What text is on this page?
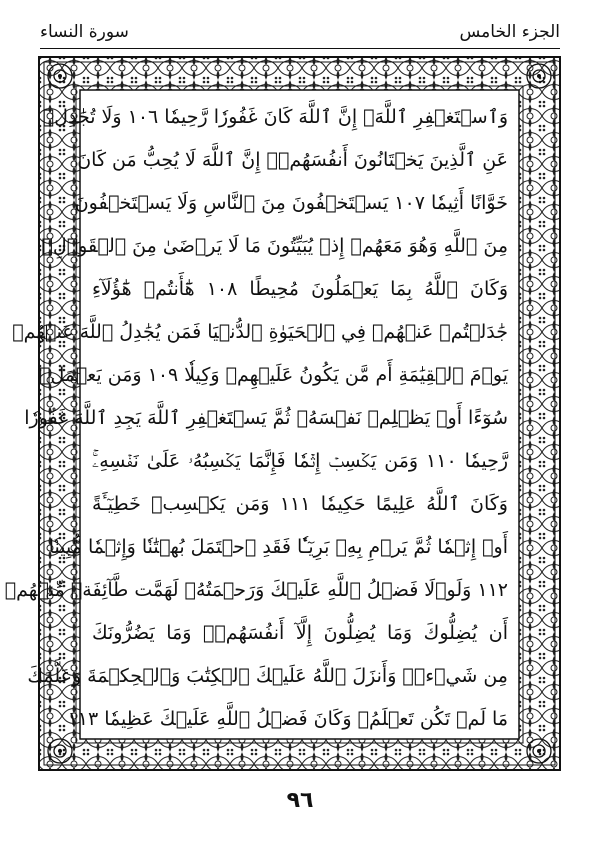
سورة النساء	الجزء الخامس
وَٱسۡتَغۡفِرِ ٱللَّهَۖ إِنَّ ٱللَّهَ كَانَ غَفُورٗا رَّحِيمٗا ١٠٦ وَلَا تُجَٰدِلۡ
عَنِ ٱلَّذِينَ يَخۡتَانُونَ أَنفُسَهُمۡۚ إِنَّ ٱللَّهَ لَا يُحِبُّ مَن كَانَ
خَوَّانًا أَثِيمٗا ١٠٧ يَسۡتَخۡفُونَ مِنَ ٱلنَّاسِ وَلَا يَسۡتَخۡفُونَ
مِنَ ٱللَّهِ وَهُوَ مَعَهُمۡ إِذۡ يُبَيِّتُونَ مَا لَا يَرۡضَىٰ مِنَ ٱلۡقَوۡلِۚ
وَكَانَ ٱللَّهُ بِمَا يَعۡمَلُونَ مُحِيطًا ١٠٨ هَٰٓأَنتُمۡ هَٰٓؤُلَآءِ
جَٰدَلۡتُمۡ عَنۡهُمۡ فِي ٱلۡحَيَوٰةِ ٱلدُّنۡيَا فَمَن يُجَٰدِلُ ٱللَّهَ عَنۡهُمۡ
يَوۡمَ ٱلۡقِيَٰمَةِ أَم مَّن يَكُونُ عَلَيۡهِمۡ وَكِيلٗا ١٠٩ وَمَن يَعۡمَلۡ
سُوٓءًا أَوۡ يَظۡلِمۡ نَفۡسَهُۥ ثُمَّ يَسۡتَغۡفِرِ ٱللَّهَ يَجِدِ ٱللَّهَ غَفُورٗا
رَّحِيمٗا ١١٠ وَمَن يَكۡسِبۡ إِثۡمٗا فَإِنَّمَا يَكۡسِبُهُۥ عَلَىٰ نَفۡسِهِۦۚ
وَكَانَ ٱللَّهُ عَلِيمًا حَكِيمٗا ١١١ وَمَن يَكۡسِبۡ خَطِيٓـَٔةً
أَوۡ إِثۡمٗا ثُمَّ يَرۡمِ بِهِۦ بَرِيٓـٔٗا فَقَدِ ٱحۡتَمَلَ بُهۡتَٰنٗا وَإِثۡمٗا مُّبِينٗا
١١٢ وَلَوۡلَا فَضۡلُ ٱللَّهِ عَلَيۡكَ وَرَحۡمَتُهُۥ لَهَمَّت طَّآئِفَةٞ مِّنۡهُمۡ
أَن يُضِلُّوكَ وَمَا يُضِلُّونَ إِلَّآ أَنفُسَهُمۡۖ وَمَا يَضُرُّونَكَ
مِن شَيۡءٖۚ وَأَنزَلَ ٱللَّهُ عَلَيۡكَ ٱلۡكِتَٰبَ وَٱلۡحِكۡمَةَ وَعَلَّمَكَ
مَا لَمۡ تَكُن تَعۡلَمُۚ وَكَانَ فَضۡلُ ٱللَّهِ عَلَيۡكَ عَظِيمٗا ١١٣
٩٦
